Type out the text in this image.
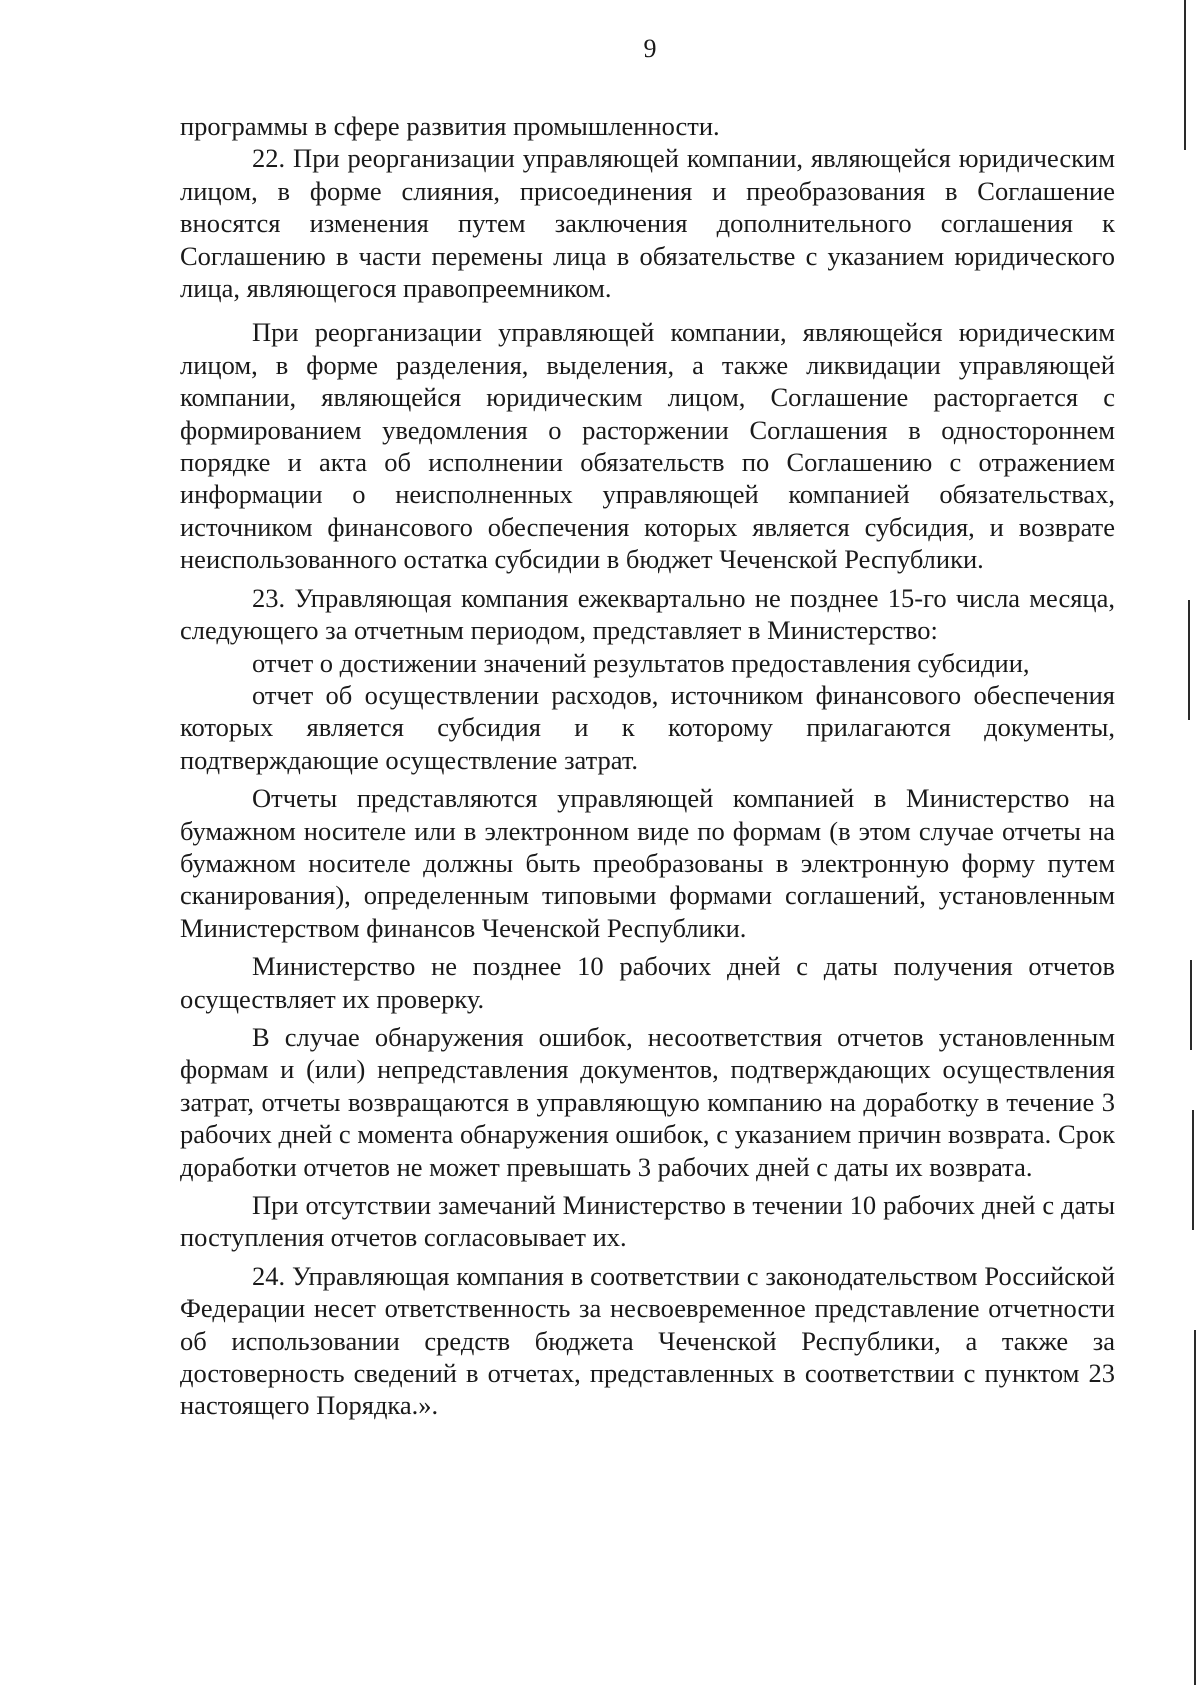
9

программы в сфере развития промышленности.

22. При реорганизации управляющей компании, являющейся юридическим лицом, в форме слияния, присоединения и преобразования в Соглашение вносятся изменения путем заключения дополнительного соглашения к Соглашению в части перемены лица в обязательстве с указанием юридического лица, являющегося правопреемником.

При реорганизации управляющей компании, являющейся юридическим лицом, в форме разделения, выделения, а также ликвидации управляющей компании, являющейся юридическим лицом, Соглашение расторгается с формированием уведомления о расторжении Соглашения в одностороннем порядке и акта об исполнении обязательств по Соглашению с отражением информации о неисполненных управляющей компанией обязательствах, источником финансового обеспечения которых является субсидия, и возврате неиспользованного остатка субсидии в бюджет Чеченской Республики.

23. Управляющая компания ежеквартально не позднее 15-го числа месяца, следующего за отчетным периодом, представляет в Министерство:

отчет о достижении значений результатов предоставления субсидии,

отчет об осуществлении расходов, источником финансового обеспечения которых является субсидия и к которому прилагаются документы, подтверждающие осуществление затрат.

Отчеты представляются управляющей компанией в Министерство на бумажном носителе или в электронном виде по формам (в этом случае отчеты на бумажном носителе должны быть преобразованы в электронную форму путем сканирования), определенным типовыми формами соглашений, установленным Министерством финансов Чеченской Республики.

Министерство не позднее 10 рабочих дней с даты получения отчетов осуществляет их проверку.

В случае обнаружения ошибок, несоответствия отчетов установленным формам и (или) непредставления документов, подтверждающих осуществления затрат, отчеты возвращаются в управляющую компанию на доработку в течение 3 рабочих дней с момента обнаружения ошибок, с указанием причин возврата. Срок доработки отчетов не может превышать 3 рабочих дней с даты их возврата.

При отсутствии замечаний Министерство в течении 10 рабочих дней с даты поступления отчетов согласовывает их.

24. Управляющая компания в соответствии с законодательством Российской Федерации несет ответственность за несвоевременное представление отчетности об использовании средств бюджета Чеченской Республики, а также за достоверность сведений в отчетах, представленных в соответствии с пунктом 23 настоящего Порядка.».
